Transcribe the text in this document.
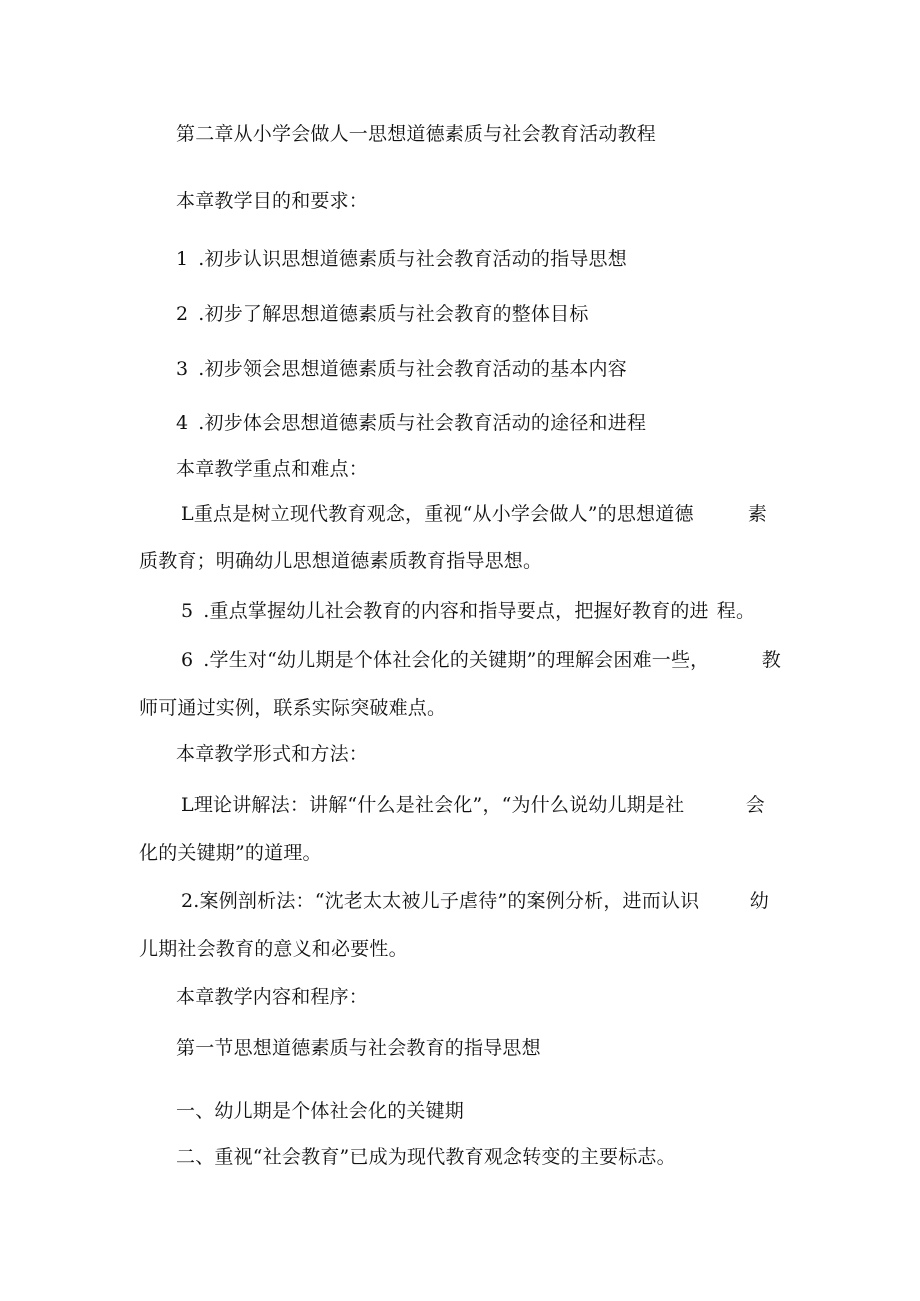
第二章从小学会做人一思想道德素质与社会教育活动教程
本章教学目的和要求：
1 .初步认识思想道德素质与社会教育活动的指导思想
2 .初步了解思想道德素质与社会教育的整体目标
3 .初步领会思想道德素质与社会教育活动的基本内容
4 .初步体会思想道德素质与社会教育活动的途径和进程
本章教学重点和难点：
L重点是树立现代教育观念，重视“从小学会做人”的思想道德	素
质教育；明确幼儿思想道德素质教育指导思想。
5 .重点掌握幼儿社会教育的内容和指导要点，把握好教育的进 程。
6 .学生对“幼儿期是个体社会化的关键期”的理解会困难一些，	教
师可通过实例，联系实际突破难点。
本章教学形式和方法：
L理论讲解法：讲解“什么是社会化”，“为什么说幼儿期是社	会
化的关键期”的道理。
2.案例剖析法：“沈老太太被儿子虐待”的案例分析，进而认识	幼
儿期社会教育的意义和必要性。
本章教学内容和程序：
第一节思想道德素质与社会教育的指导思想
一、幼儿期是个体社会化的关键期
二、重视“社会教育”已成为现代教育观念转变的主要标志。
